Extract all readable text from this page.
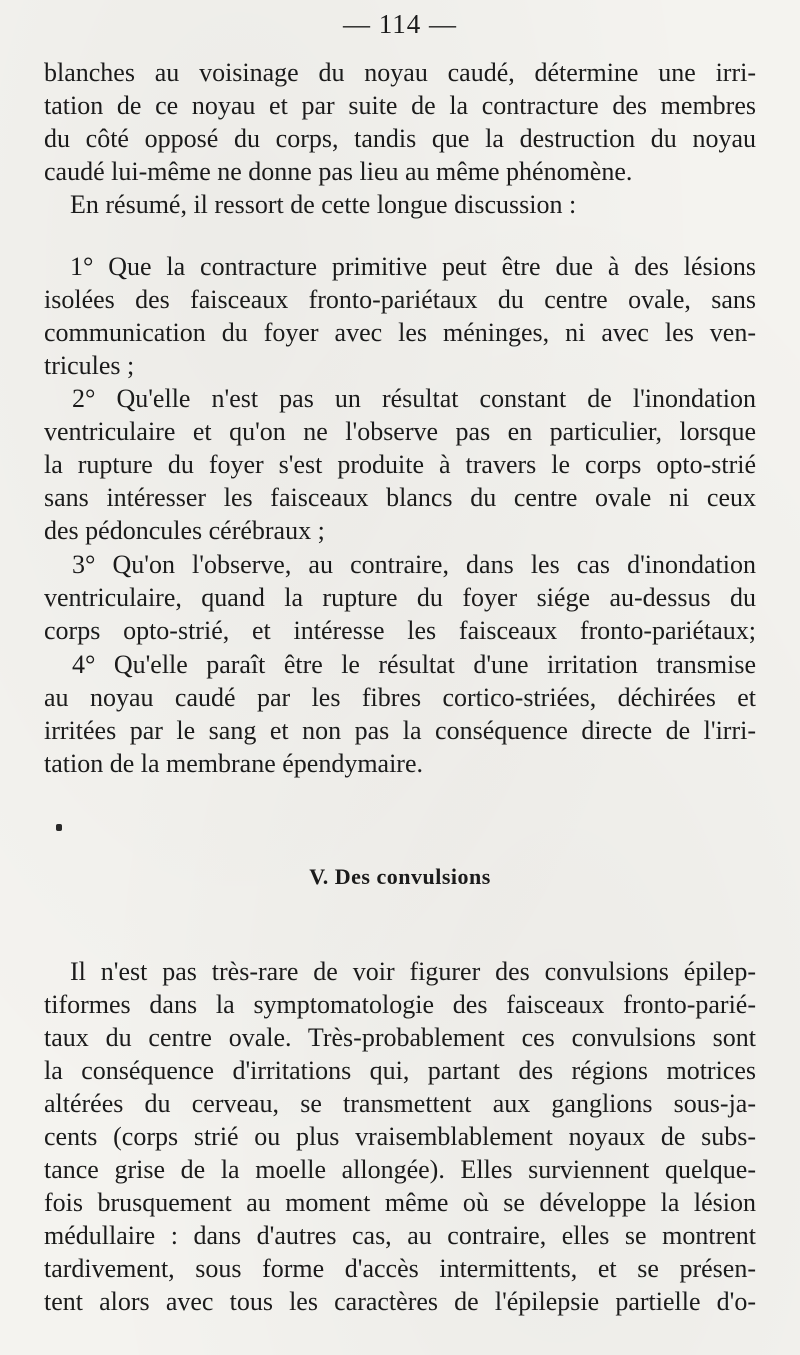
— 114 —
blanches au voisinage du noyau caudé, détermine une irri-
tation de ce noyau et par suite de la contracture des membres
du côté opposé du corps, tandis que la destruction du noyau
caudé lui-même ne donne pas lieu au même phénomène.
En résumé, il ressort de cette longue discussion :
1° Que la contracture primitive peut être due à des lésions
isolées des faisceaux fronto-pariétaux du centre ovale, sans
communication du foyer avec les méninges, ni avec les ven-
tricules ;
2° Qu'elle n'est pas un résultat constant de l'inondation
ventriculaire et qu'on ne l'observe pas en particulier, lorsque
la rupture du foyer s'est produite à travers le corps opto-strié
sans intéresser les faisceaux blancs du centre ovale ni ceux
des pédoncules cérébraux ;
3° Qu'on l'observe, au contraire, dans les cas d'inondation
ventriculaire, quand la rupture du foyer siége au-dessus du
corps opto-strié, et intéresse les faisceaux fronto-pariétaux;
4° Qu'elle paraît être le résultat d'une irritation transmise
au noyau caudé par les fibres cortico-striées, déchirées et
irritées par le sang et non pas la conséquence directe de l'irri-
tation de la membrane épendymaire.
V. Des convulsions
Il n'est pas très-rare de voir figurer des convulsions épilep-
tiformes dans la symptomatologie des faisceaux fronto-parié-
taux du centre ovale. Très-probablement ces convulsions sont
la conséquence d'irritations qui, partant des régions motrices
altérées du cerveau, se transmettent aux ganglions sous-ja-
cents (corps strié ou plus vraisemblablement noyaux de subs-
tance grise de la moelle allongée). Elles surviennent quelque-
fois brusquement au moment même où se développe la lésion
médullaire : dans d'autres cas, au contraire, elles se montrent
tardivement, sous forme d'accès intermittents, et se présen-
tent alors avec tous les caractères de l'épilepsie partielle d'o-
